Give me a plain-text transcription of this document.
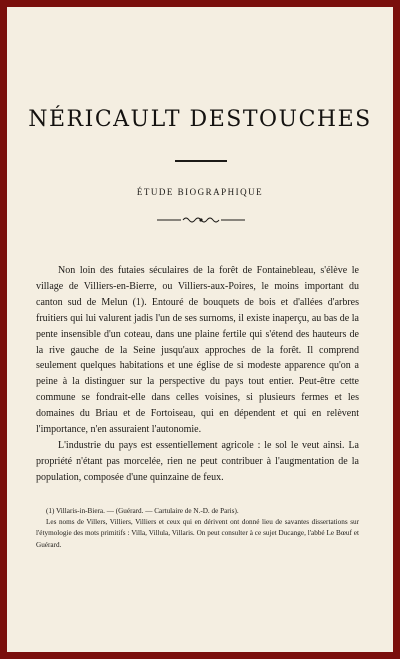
NÉRICAULT DESTOUCHES
ÉTUDE BIOGRAPHIQUE

Non loin des futaies séculaires de la forêt de Fontainebleau, s'élève le village de Villiers-en-Bierre, ou Villiers-aux-Poires, le moins important du canton sud de Melun (1). Entouré de bouquets de bois et d'allées d'arbres fruitiers qui lui valurent jadis l'un de ses surnoms, il existe inaperçu, au bas de la pente insensible d'un coteau, dans une plaine fertile qui s'étend des hauteurs de la rive gauche de la Seine jusqu'aux approches de la forêt. Il comprend seulement quelques habitations et une église de si modeste apparence qu'on a peine à la distinguer sur la perspective du pays tout entier. Peut-être cette commune se fondrait-elle dans celles voisines, si plusieurs fermes et les domaines du Briau et de Fortoiseau, qui en dépendent et qui en relèvent l'importance, n'en assuraient l'autonomie.

L'industrie du pays est essentiellement agricole : le sol le veut ainsi. La propriété n'étant pas morcelée, rien ne peut contribuer à l'augmentation de la population, composée d'une quinzaine de feux.

(1) Villaris-in-Biera. — (Guérard. — Cartulaire de N.-D. de Paris).

Les noms de Villers, Villiers, Villiers et ceux qui en dérivent ont donné lieu de savantes dissertations sur l'étymologie des mots primitifs : Villa, Villula, Villaris. On peut consulter à ce sujet Ducange, l'abbé Le Bœuf et Guérard.
